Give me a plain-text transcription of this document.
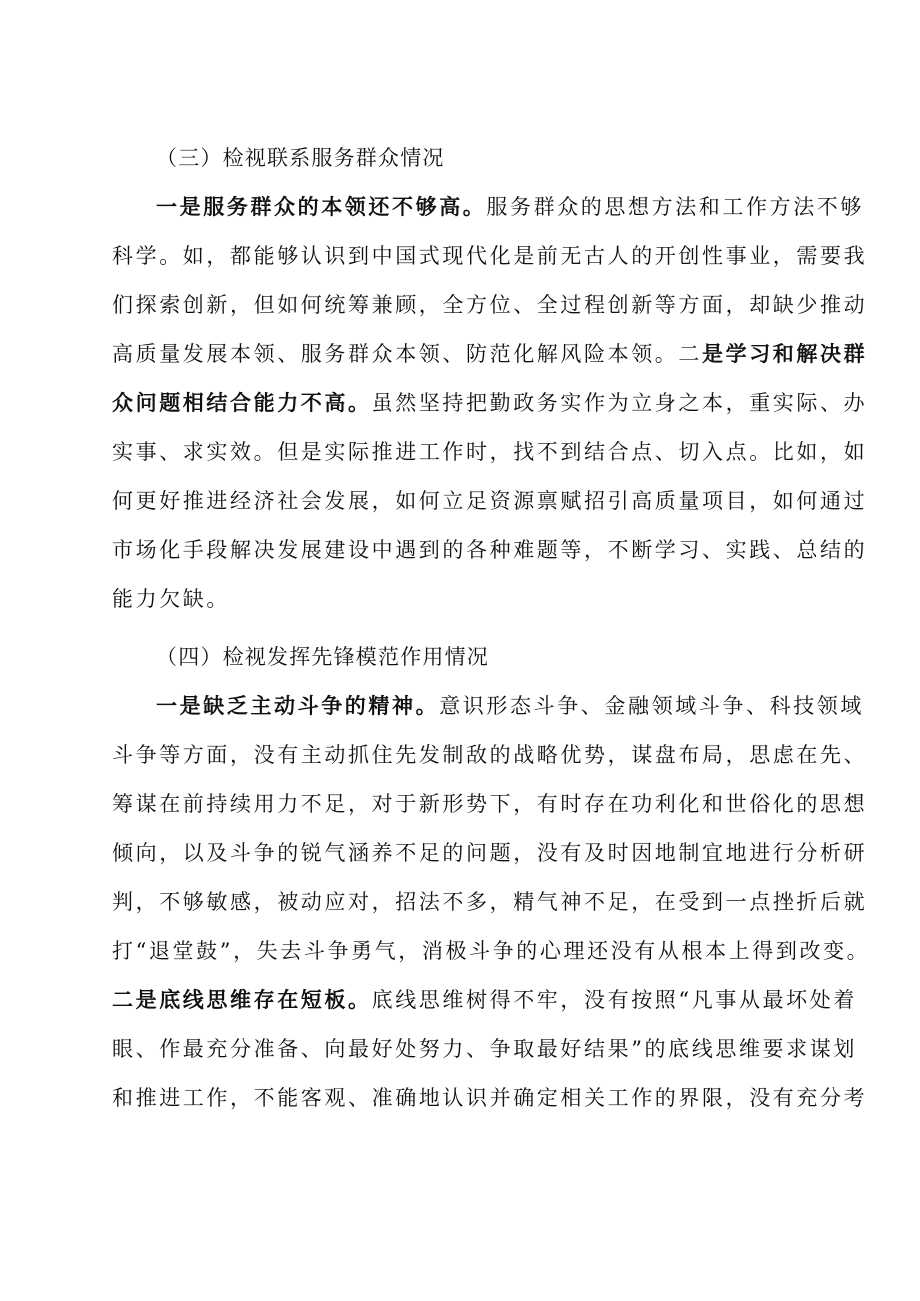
（三）检视联系服务群众情况
一是服务群众的本领还不够高。服务群众的思想方法和工作方法不够
科学。如，都能够认识到中国式现代化是前无古人的开创性事业，需要我
们探索创新，但如何统筹兼顾，全方位、全过程创新等方面，却缺少推动
高质量发展本领、服务群众本领、防范化解风险本领。二是学习和解决群
众问题相结合能力不高。虽然坚持把勤政务实作为立身之本，重实际、办
实事、求实效。但是实际推进工作时，找不到结合点、切入点。比如，如
何更好推进经济社会发展，如何立足资源禀赋招引高质量项目，如何通过
市场化手段解决发展建设中遇到的各种难题等，不断学习、实践、总结的
能力欠缺。
（四）检视发挥先锋模范作用情况
一是缺乏主动斗争的精神。意识形态斗争、金融领域斗争、科技领域
斗争等方面，没有主动抓住先发制敌的战略优势，谋盘布局，思虑在先、
筹谋在前持续用力不足，对于新形势下，有时存在功利化和世俗化的思想
倾向，以及斗争的锐气涵养不足的问题，没有及时因地制宜地进行分析研
判，不够敏感，被动应对，招法不多，精气神不足，在受到一点挫折后就
打“退堂鼓”，失去斗争勇气，消极斗争的心理还没有从根本上得到改变。
二是底线思维存在短板。底线思维树得不牢，没有按照“凡事从最坏处着
眼、作最充分准备、向最好处努力、争取最好结果”的底线思维要求谋划
和推进工作，不能客观、准确地认识并确定相关工作的界限，没有充分考
